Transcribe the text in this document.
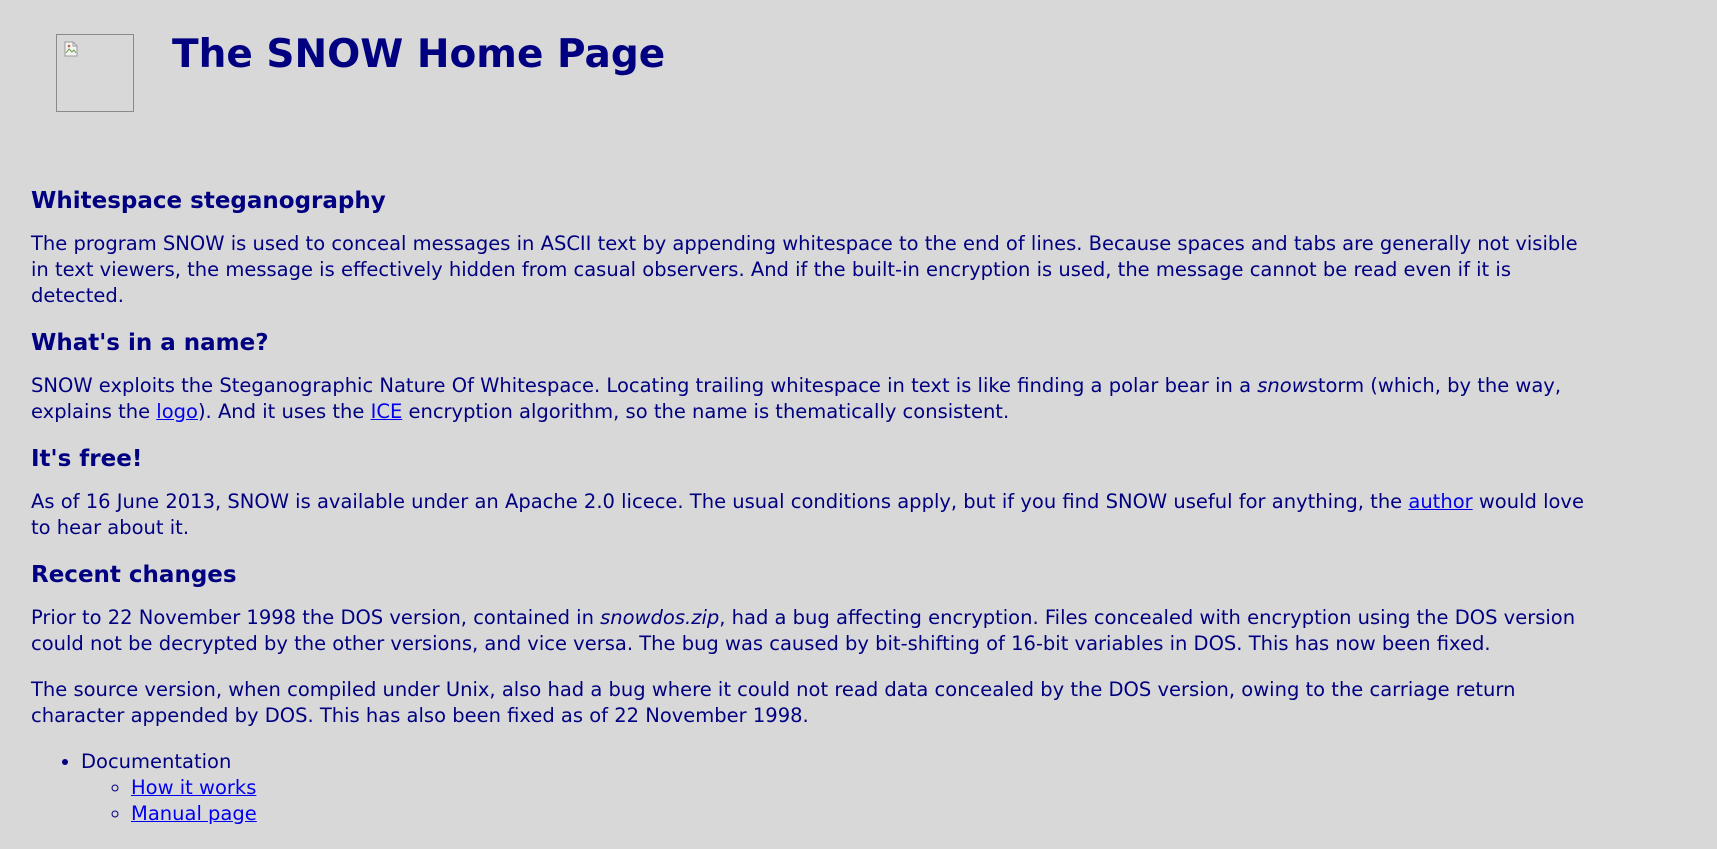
The SNOW Home Page
Whitespace steganography

The program SNOW is used to conceal messages in ASCII text by appending whitespace to the end of lines. Because spaces and tabs are generally not visible in text viewers, the message is effectively hidden from casual observers. And if the built-in encryption is used, the message cannot be read even if it is detected.

What's in a name?

SNOW exploits the Steganographic Nature Of Whitespace. Locating trailing whitespace in text is like finding a polar bear in a snowstorm (which, by the way, explains the logo). And it uses the ICE encryption algorithm, so the name is thematically consistent.

It's free!

As of 16 June 2013, SNOW is available under an Apache 2.0 licece. The usual conditions apply, but if you find SNOW useful for anything, the author would love to hear about it.

Recent changes

Prior to 22 November 1998 the DOS version, contained in snowdos.zip, had a bug affecting encryption. Files concealed with encryption using the DOS version could not be decrypted by the other versions, and vice versa. The bug was caused by bit-shifting of 16-bit variables in DOS. This has now been fixed.

The source version, when compiled under Unix, also had a bug where it could not read data concealed by the DOS version, owing to the carriage return character appended by DOS. This has also been fixed as of 22 November 1998.

• Documentation
◦ How it works
◦ Manual page
